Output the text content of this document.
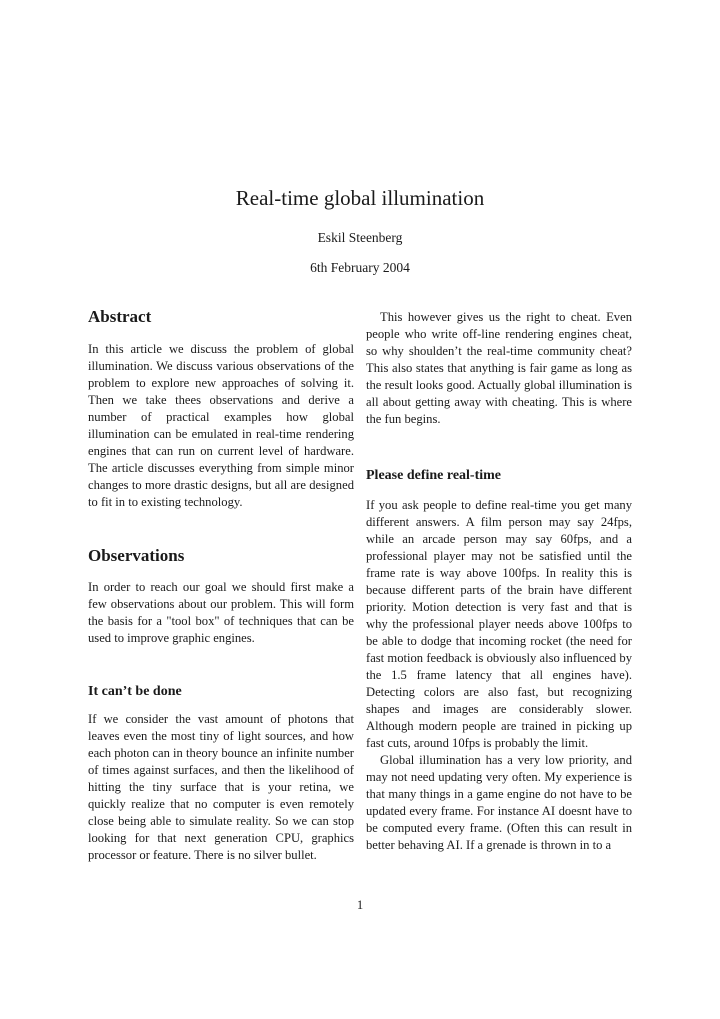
Real-time global illumination
Eskil Steenberg
6th February 2004
Abstract

In this article we discuss the problem of global illumination. We discuss various observations of the problem to explore new approaches of solving it. Then we take thees observations and derive a number of practical examples how global illumination can be emulated in real-time rendering engines that can run on current level of hardware. The article discusses everything from simple minor changes to more drastic designs, but all are designed to fit in to existing technology.

Observations

In order to reach our goal we should first make a few observations about our problem. This will form the basis for a "tool box" of techniques that can be used to improve graphic engines.

It can’t be done

If we consider the vast amount of photons that leaves even the most tiny of light sources, and how each photon can in theory bounce an infinite number of times against surfaces, and then the likelihood of hitting the tiny surface that is your retina, we quickly realize that no computer is even remotely close being able to simulate reality. So we can stop looking for that next generation CPU, graphics processor or feature. There is no silver bullet.

This however gives us the right to cheat. Even people who write off-line rendering engines cheat, so why shoulden’t the real-time community cheat? This also states that anything is fair game as long as the result looks good. Actually global illumination is all about getting away with cheating. This is where the fun begins.

Please define real-time

If you ask people to define real-time you get many different answers. A film person may say 24fps, while an arcade person may say 60fps, and a professional player may not be satisfied until the frame rate is way above 100fps. In reality this is because different parts of the brain have different priority. Motion detection is very fast and that is why the professional player needs above 100fps to be able to dodge that incoming rocket (the need for fast motion feedback is obviously also influenced by the 1.5 frame latency that all engines have). Detecting colors are also fast, but recognizing shapes and images are considerably slower. Although modern people are trained in picking up fast cuts, around 10fps is probably the limit.

Global illumination has a very low priority, and may not need updating very often. My experience is that many things in a game engine do not have to be updated every frame. For instance AI doesnt have to be computed every frame. (Often this can result in better behaving AI. If a grenade is thrown in to a

1
